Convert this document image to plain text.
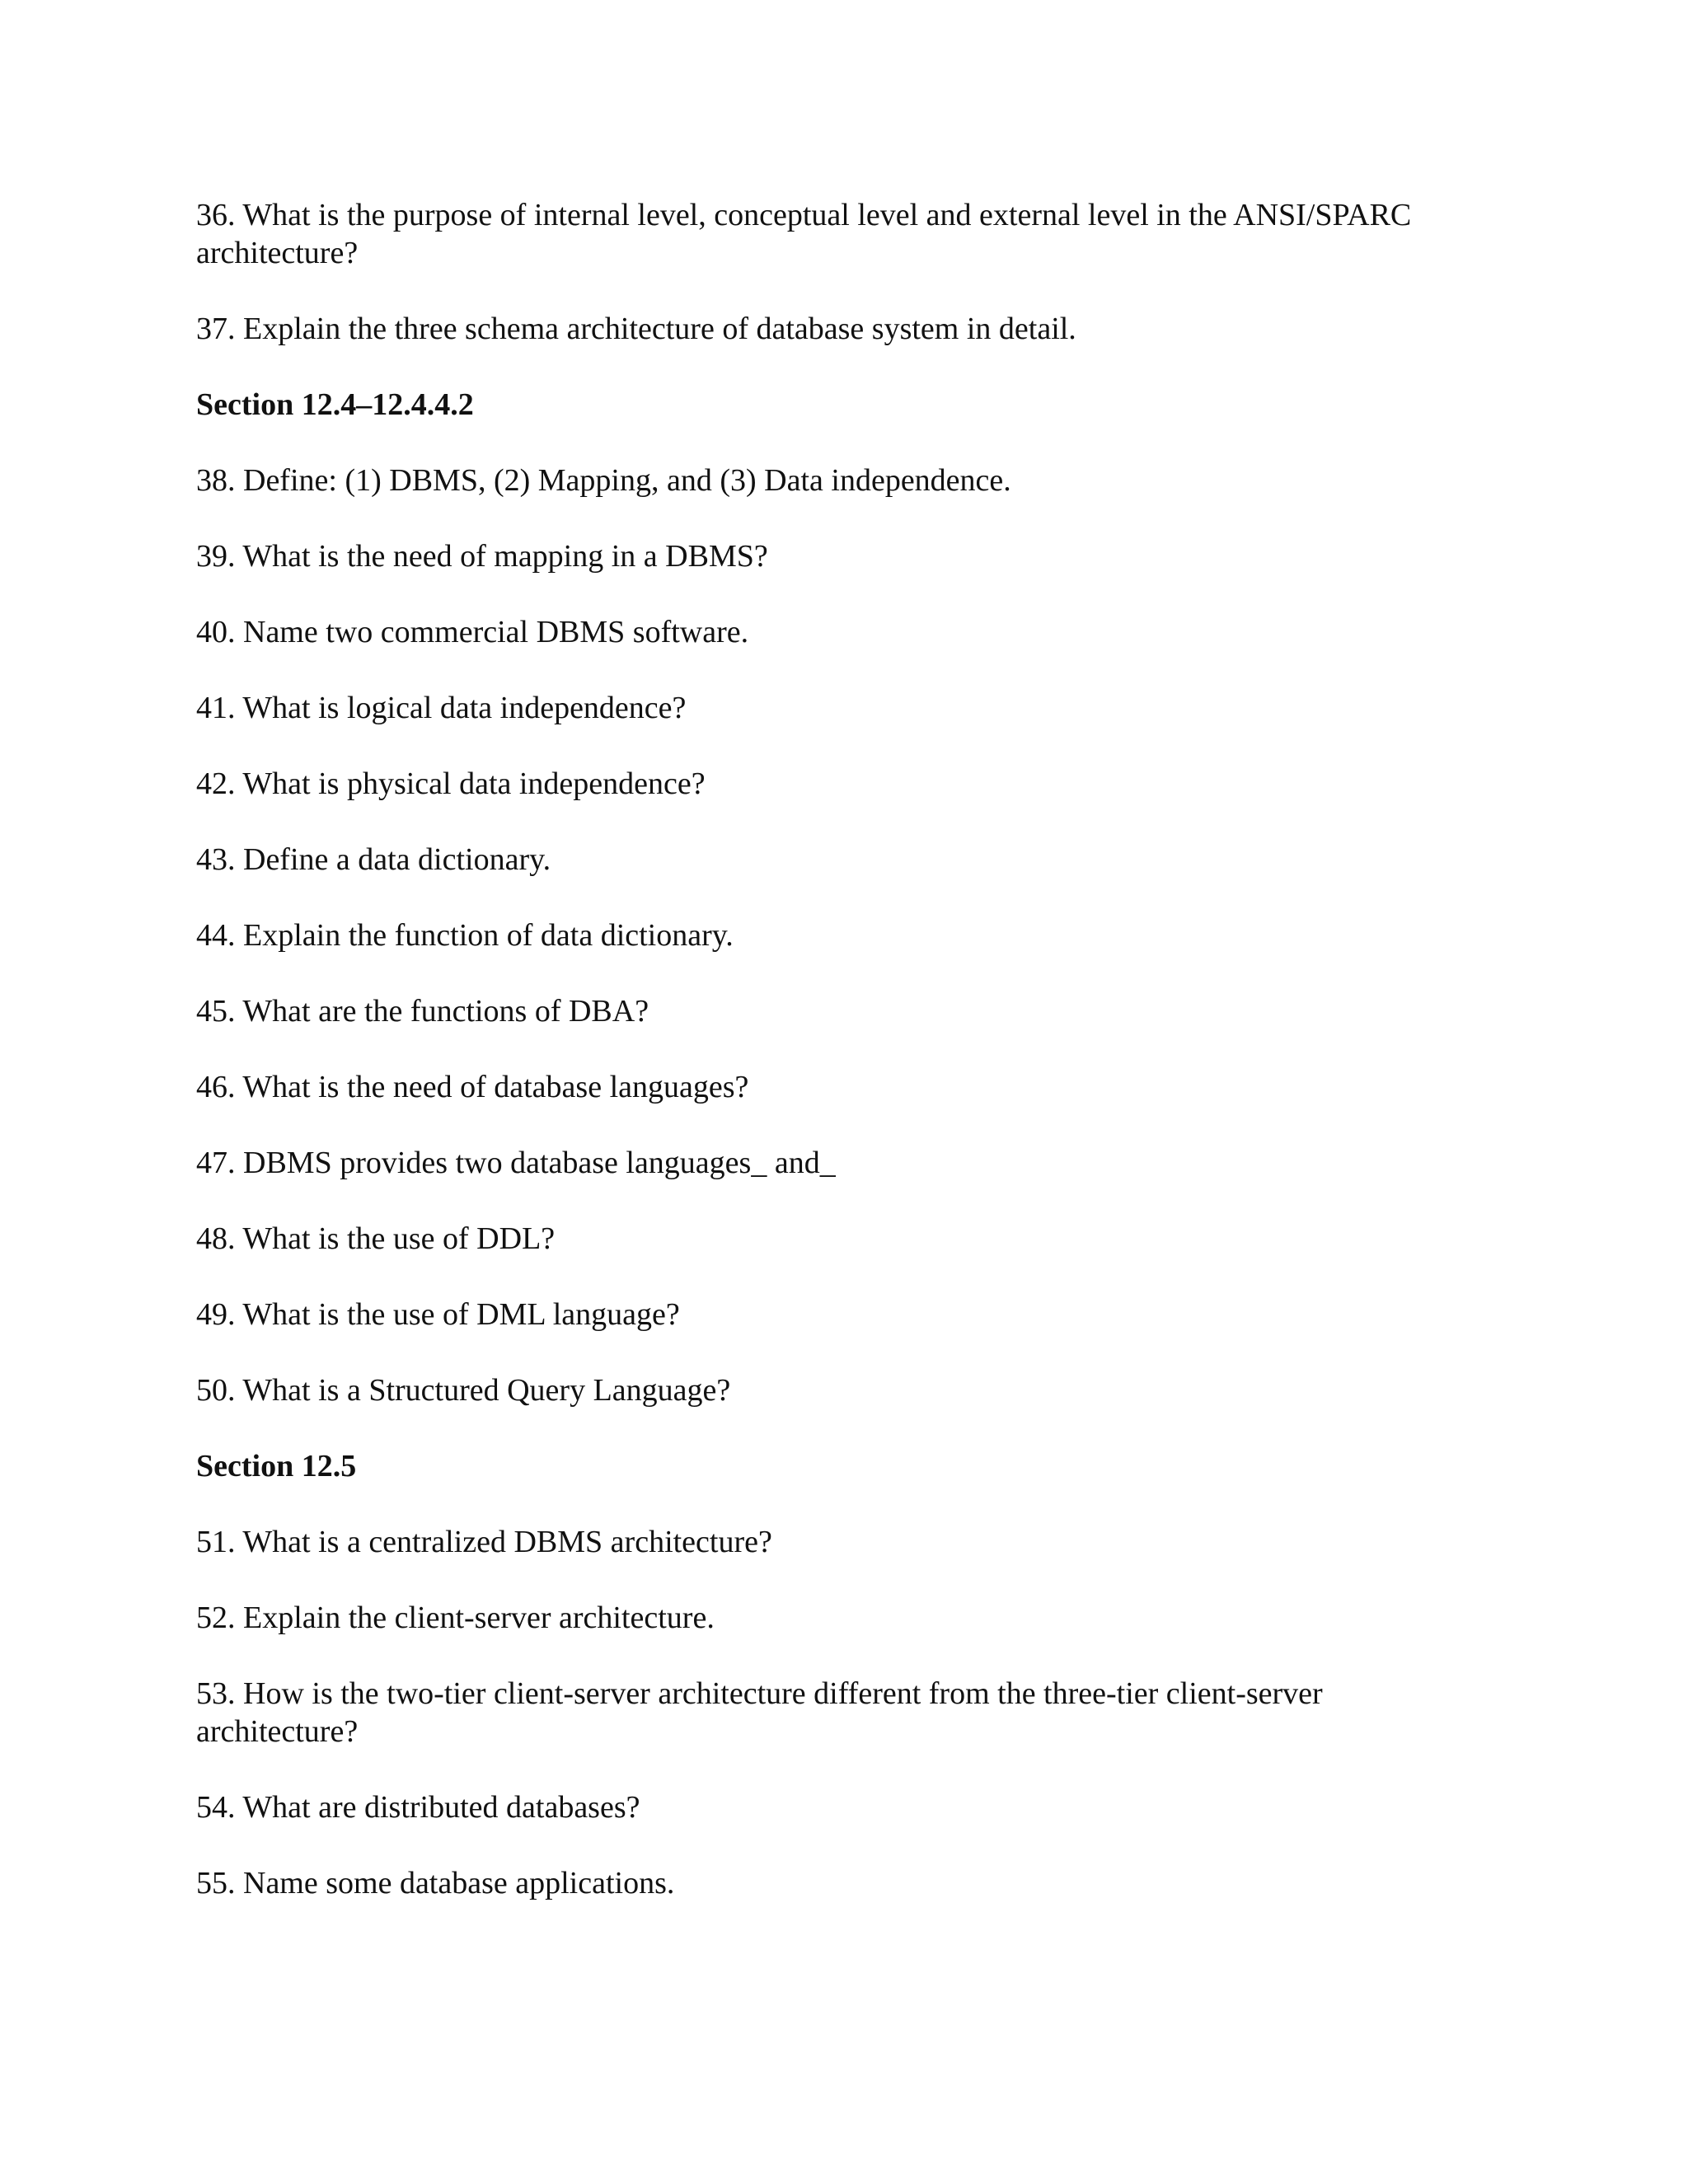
36. What is the purpose of internal level, conceptual level and external level in the ANSI/SPARC architecture?

37. Explain the three schema architecture of database system in detail.

Section 12.4–12.4.4.2

38. Define: (1) DBMS, (2) Mapping, and (3) Data independence.

39. What is the need of mapping in a DBMS?

40. Name two commercial DBMS software.

41. What is logical data independence?

42. What is physical data independence?

43. Define a data dictionary.

44. Explain the function of data dictionary.

45. What are the functions of DBA?

46. What is the need of database languages?

47. DBMS provides two database languages_ and_

48. What is the use of DDL?

49. What is the use of DML language?

50. What is a Structured Query Language?

Section 12.5

51. What is a centralized DBMS architecture?

52. Explain the client-server architecture.

53. How is the two-tier client-server architecture different from the three-tier client-server architecture?

54. What are distributed databases?

55. Name some database applications.
